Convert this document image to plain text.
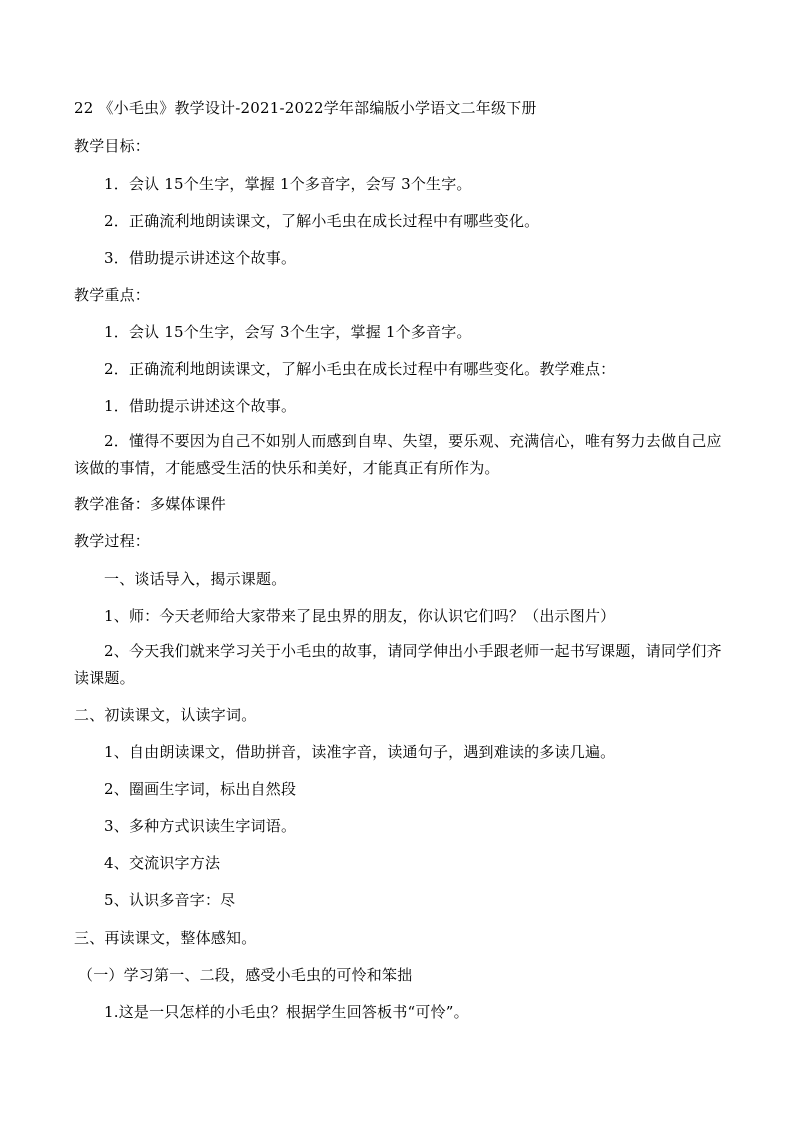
22 《小毛虫》教学设计-2021-2022学年部编版小学语文二年级下册
教学目标：
1．会认 15个生字，掌握 1个多音字，会写 3个生字。
2．正确流利地朗读课文，了解小毛虫在成长过程中有哪些变化。
3．借助提示讲述这个故事。
教学重点：
1．会认 15个生字，会写 3个生字，掌握 1个多音字。
2．正确流利地朗读课文，了解小毛虫在成长过程中有哪些变化。教学难点：
1．借助提示讲述这个故事。
2．懂得不要因为自己不如别人而感到自卑、失望，要乐观、充满信心，唯有努力去做自己应该做的事情，才能感受生活的快乐和美好，才能真正有所作为。
教学准备：多媒体课件
教学过程：
一、谈话导入，揭示课题。
1、师：今天老师给大家带来了昆虫界的朋友，你认识它们吗？（出示图片）
2、今天我们就来学习关于小毛虫的故事，请同学伸出小手跟老师一起书写课题，请同学们齐读课题。
二、初读课文，认读字词。
1、自由朗读课文，借助拼音，读准字音，读通句子，遇到难读的多读几遍。
2、圈画生字词，标出自然段
3、多种方式识读生字词语。
4、交流识字方法
5、认识多音字：尽
三、再读课文，整体感知。
（一）学习第一、二段，感受小毛虫的可怜和笨拙
1.这是一只怎样的小毛虫？根据学生回答板书“可怜”。
